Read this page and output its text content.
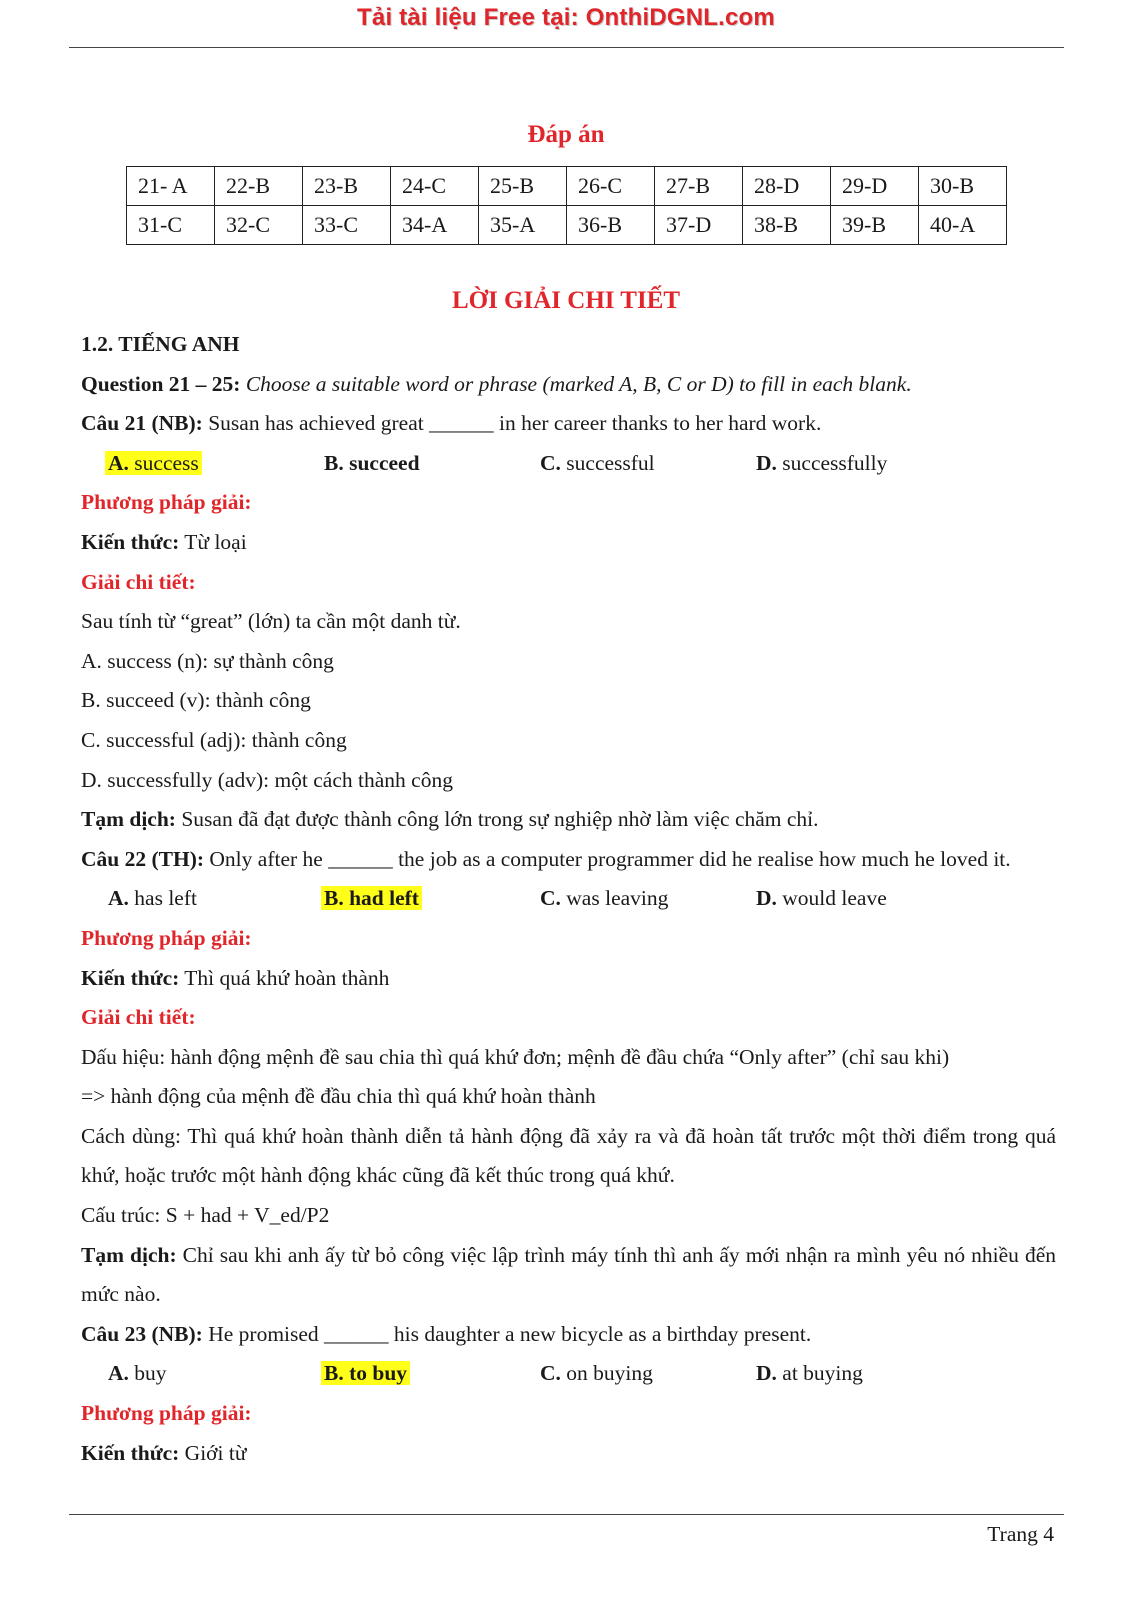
Tải tài liệu Free tại: OnthiDGNL.com
Đáp án
21- A	22-B	23-B	24-C	25-B	26-C	27-B	28-D	29-D	30-B
31-C	32-C	33-C	34-A	35-A	36-B	37-D	38-B	39-B	40-A
LỜI GIẢI CHI TIẾT
1.2. TIẾNG ANH
Question 21 – 25: Choose a suitable word or phrase (marked A, B, C or D) to fill in each blank.
Câu 21 (NB): Susan has achieved great ______ in her career thanks to her hard work.
A. success	B. succeed	C. successful	D. successfully
Phương pháp giải:
Kiến thức: Từ loại
Giải chi tiết:
Sau tính từ “great” (lớn) ta cần một danh từ.
A. success (n): sự thành công
B. succeed (v): thành công
C. successful (adj): thành công
D. successfully (adv): một cách thành công
Tạm dịch: Susan đã đạt được thành công lớn trong sự nghiệp nhờ làm việc chăm chỉ.
Câu 22 (TH): Only after he ______ the job as a computer programmer did he realise how much he loved it.
A. has left	B. had left	C. was leaving	D. would leave
Phương pháp giải:
Kiến thức: Thì quá khứ hoàn thành
Giải chi tiết:
Dấu hiệu: hành động mệnh đề sau chia thì quá khứ đơn; mệnh đề đầu chứa “Only after” (chỉ sau khi)
=> hành động của mệnh đề đầu chia thì quá khứ hoàn thành
Cách dùng: Thì quá khứ hoàn thành diễn tả hành động đã xảy ra và đã hoàn tất trước một thời điểm trong quá khứ, hoặc trước một hành động khác cũng đã kết thúc trong quá khứ.
Cấu trúc: S + had + V_ed/P2
Tạm dịch: Chỉ sau khi anh ấy từ bỏ công việc lập trình máy tính thì anh ấy mới nhận ra mình yêu nó nhiều đến mức nào.
Câu 23 (NB): He promised ______ his daughter a new bicycle as a birthday present.
A. buy	B. to buy	C. on buying	D. at buying
Phương pháp giải:
Kiến thức: Giới từ
Trang 4
